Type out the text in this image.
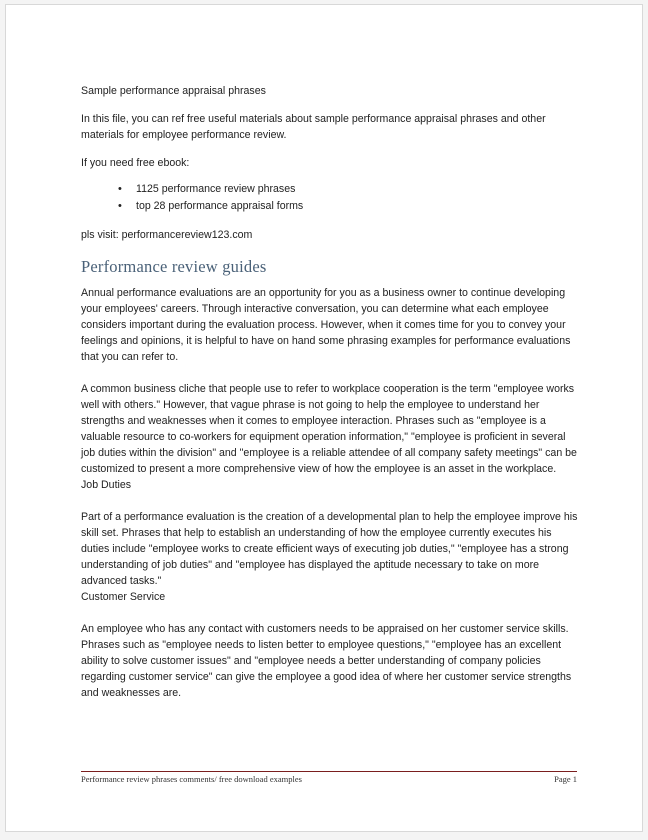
Sample performance appraisal phrases

In this file, you can ref free useful materials about sample performance appraisal phrases and other materials for employee performance review.

If you need free ebook:

• 1125 performance review phrases
• top 28 performance appraisal forms

pls visit: performancereview123.com

Performance review guides

Annual performance evaluations are an opportunity for you as a business owner to continue developing your employees' careers. Through interactive conversation, you can determine what each employee considers important during the evaluation process. However, when it comes time for you to convey your feelings and opinions, it is helpful to have on hand some phrasing examples for performance evaluations that you can refer to.

A common business cliche that people use to refer to workplace cooperation is the term "employee works well with others." However, that vague phrase is not going to help the employee to understand her strengths and weaknesses when it comes to employee interaction. Phrases such as "employee is a valuable resource to co-workers for equipment operation information," "employee is proficient in several job duties within the division" and "employee is a reliable attendee of all company safety meetings" can be customized to present a more comprehensive view of how the employee is an asset in the workplace.

Job Duties

Part of a performance evaluation is the creation of a developmental plan to help the employee improve his skill set. Phrases that help to establish an understanding of how the employee currently executes his duties include "employee works to create efficient ways of executing job duties," "employee has a strong understanding of job duties" and "employee has displayed the aptitude necessary to take on more advanced tasks."

Customer Service

An employee who has any contact with customers needs to be appraised on her customer service skills. Phrases such as "employee needs to listen better to employee questions," "employee has an excellent ability to solve customer issues" and "employee needs a better understanding of company policies regarding customer service" can give the employee a good idea of where her customer service strengths and weaknesses are.

Performance review phrases comments/ free download examples	Page 1
